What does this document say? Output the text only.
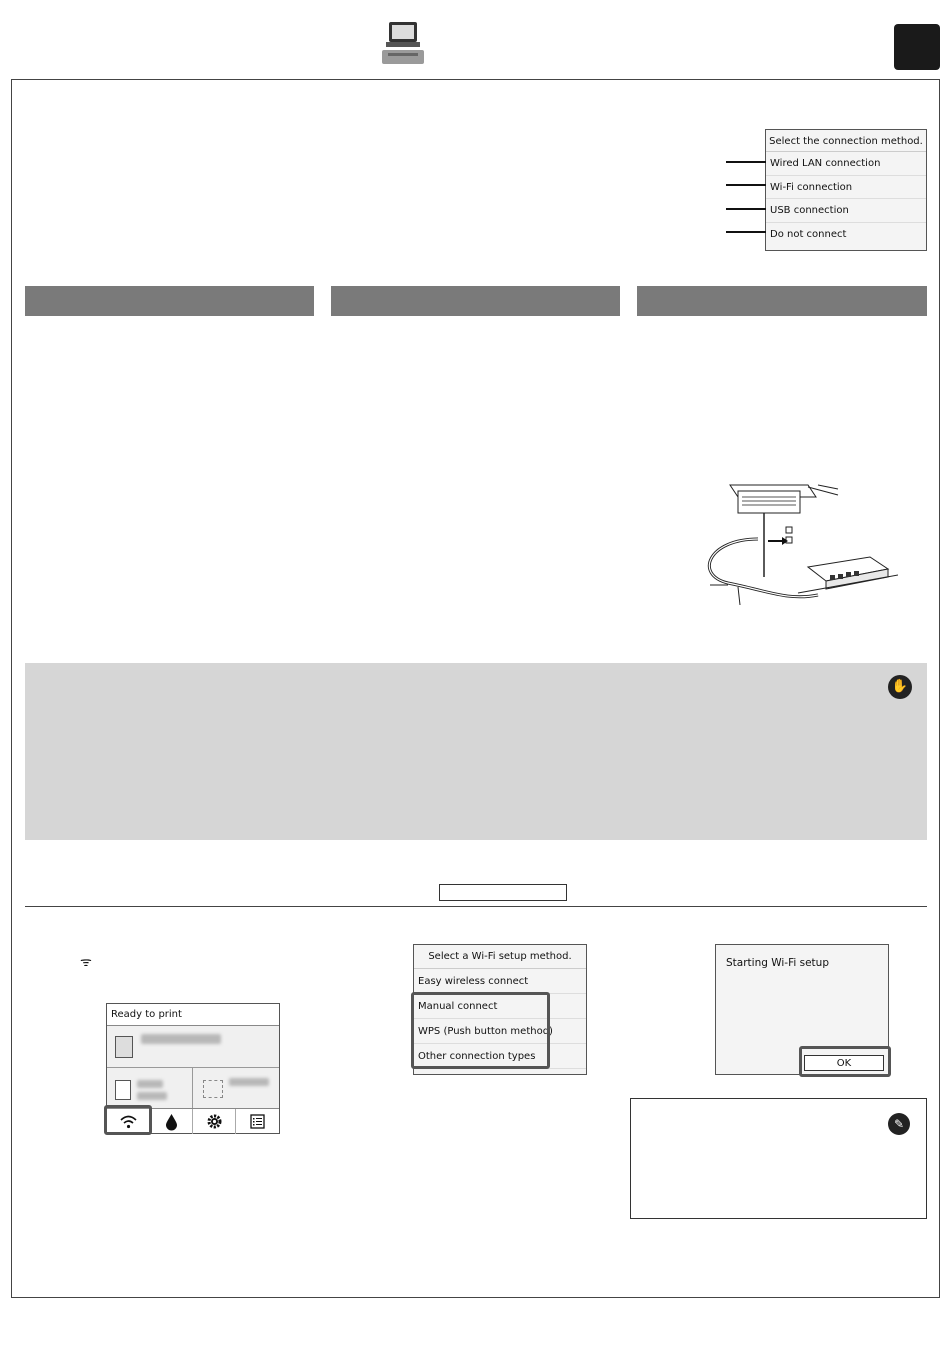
Select the connection method.
Wired LAN connection
Wi-Fi connection
USB connection
Do not connect
✋
ᯤ
Ready to print
Select a Wi-Fi setup method.
Easy wireless connect
Manual connect
WPS (Push button method)
Other connection types
Starting Wi-Fi setup
OK
✎
